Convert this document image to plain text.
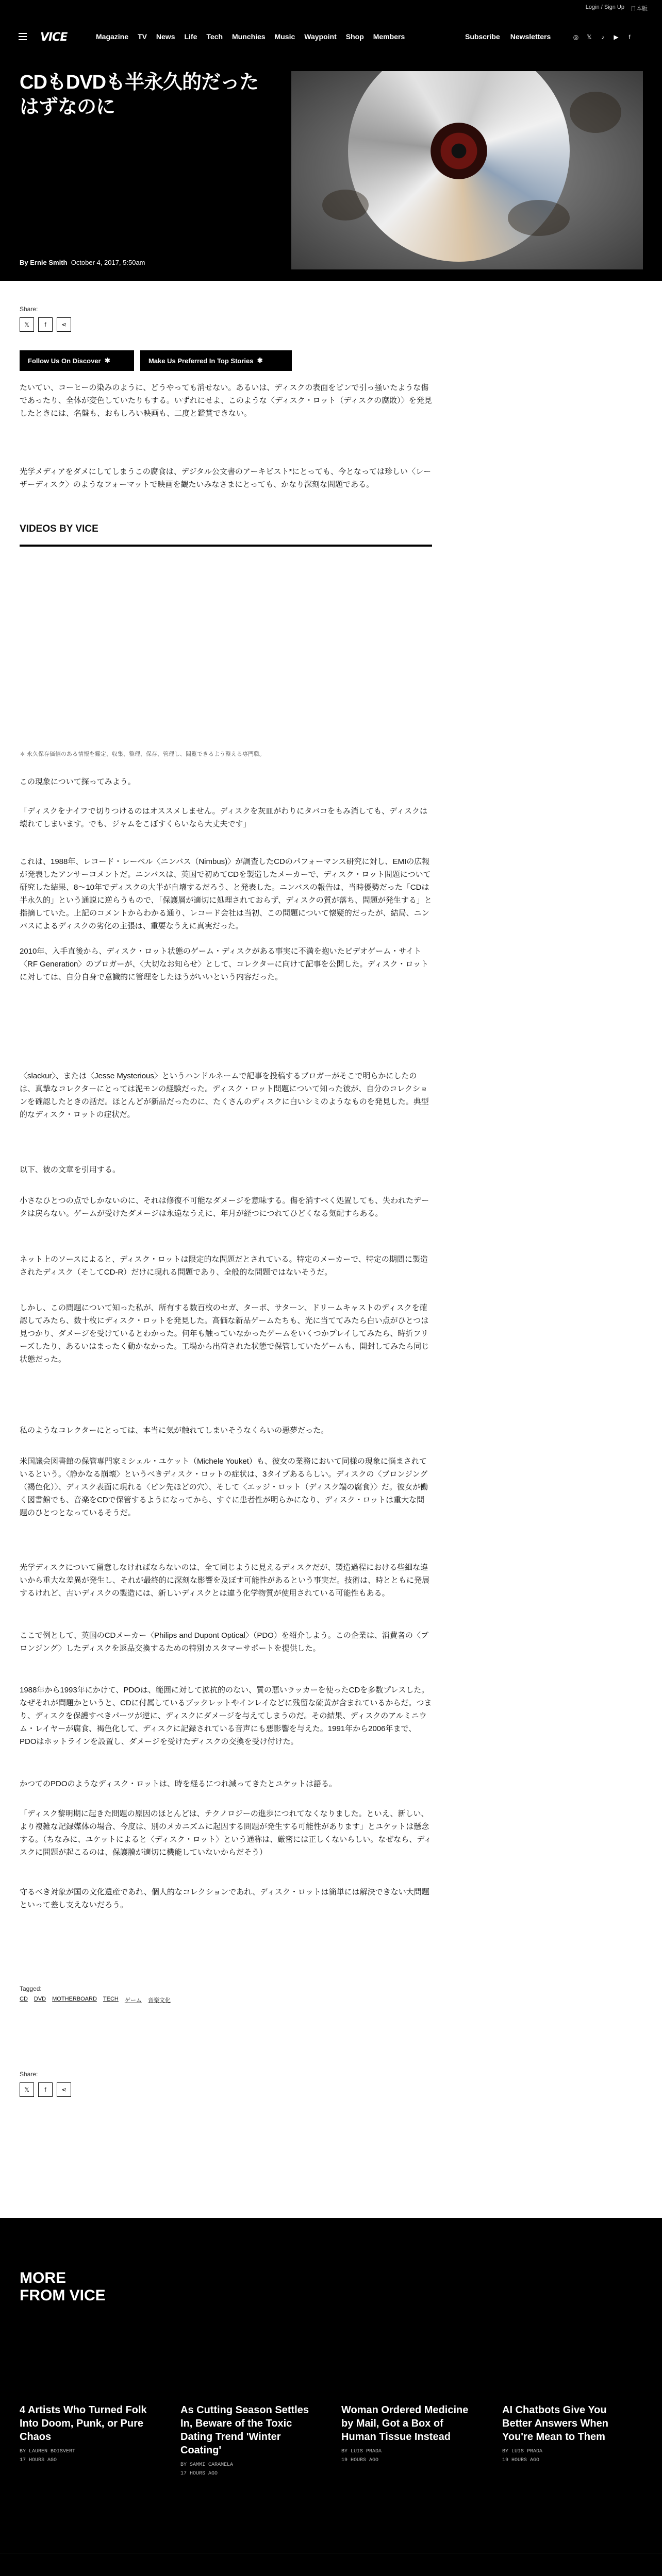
Login / Sign Up 日本版
VICE	Magazine TV News Life Tech Munchies Music Waypoint Shop Members	Subscribe Newsletters	◎ 𝕏	♪	▶	f
CDもDVDも半永久的だったはずなのに
By Ernie Smith October 4, 2017, 5:50am
Share:
𝕏	f	⋖
Follow Us On Discover
✱	Make Us Preferred In Top Stories
✱
たいてい、コーヒーの染みのように、どうやっても消せない。あるいは、ディスクの表面をピンで引っ掻いたような傷であったり、全体が変色していたりもする。いずれにせよ、このような〈ディスク・ロット（ディスクの腐敗）〉を発見したときには、名盤も、おもしろい映画も、二度と鑑賞できない。
光学メディアをダメにしてしまうこの腐食は、デジタル公文書のアーキビスト*にとっても、今となっては珍しい〈レーザーディスク〉のようなフォーマットで映画を観たいみなさまにとっても、かなり深刻な問題である。
VIDEOS BY VICE
＊ 永久保存価値のある情報を鑑定、収集、整理、保存、管理し、閲覧できるよう整える専門職。
この現象について探ってみよう。
「ディスクをナイフで切りつけるのはオススメしません。ディスクを灰皿がわりにタバコをもみ消しても、ディスクは壊れてしまいます。でも、ジャムをこぼすくらいなら大丈夫です」
これは、1988年、レコード・レーベル〈ニンバス（Nimbus)〉が調査したCDのパフォーマンス研究に対し、EMIの広報が発表したアンサーコメントだ。ニンバスは、英国で初めてCDを製造したメーカーで、ディスク・ロット問題について研究した結果、8〜10年でディスクの大半が自壊するだろう、と発表した。ニンバスの報告は、当時優勢だった「CDは半永久的」という通説に逆らうもので、「保護層が適切に処理されておらず、ディスクの質が落ち、問題が発生する」と指摘していた。上記のコメントからわかる通り、レコード会社は当初、この問題について懐疑的だったが、結局、ニンバスによるディスクの劣化の主張は、重要なうえに真実だった。
2010年、入手直後から、ディスク・ロット状態のゲーム・ディスクがある事実に不満を抱いたビデオゲーム・サイト〈RF Generation〉のブロガーが、〈大切なお知らせ〉として、コレクターに向けて記事を公開した。ディスク・ロットに対しては、自分自身で意識的に管理をしたほうがいいという内容だった。
〈slackur〉、または〈Jesse Mysterious〉というハンドルネームで記事を投稿するブロガーがそこで明らかにしたのは、真摯なコレクターにとっては泥モンの経験だった。ディスク・ロット問題について知った彼が、自分のコレクションを確認したときの話だ。ほとんどが新品だったのに、たくさんのディスクに白いシミのようなものを発見した。典型的なディスク・ロットの症状だ。
以下、彼の文章を引用する。
小さなひとつの点でしかないのに、それは修復不可能なダメージを意味する。傷を消すべく処置しても、失われたデータは戻らない。ゲームが受けたダメージは永遠なうえに、年月が経つにつれてひどくなる気配すらある。
ネット上のソースによると、ディスク・ロットは限定的な問題だとされている。特定のメーカーで、特定の期間に製造されたディスク（そしてCD-R）だけに現れる問題であり、全般的な問題ではないそうだ。
しかし、この問題について知った私が、所有する数百枚のセガ、ターボ、サターン、ドリームキャストのディスクを確認してみたら、数十枚にディスク・ロットを発見した。高価な新品ゲームたちも、光に当ててみたら白い点がひとつは見つかり、ダメージを受けているとわかった。何年も触っていなかったゲームをいくつかプレイしてみたら、時折フリーズしたり、あるいはまったく動かなかった。工場から出荷された状態で保管していたゲームも、開封してみたら同じ状態だった。
私のようなコレクターにとっては、本当に気が触れてしまいそうなくらいの悪夢だった。
米国議会図書館の保管専門家ミシェル・ユケット（Michele Youket）も、彼女の業務において同様の現象に悩まされているという。〈静かなる崩壊〉というべきディスク・ロットの症状は、3タイプあるらしい。ディスクの〈ブロンジング（褐色化）〉、ディスク表面に現れる〈ピン先ほどの穴〉、そして〈エッジ・ロット（ディスク端の腐食）〉だ。彼女が働く図書館でも、音楽をCDで保管するようになってから、すぐに患者性が明らかになり、ディスク・ロットは重大な問題のひとつとなっているそうだ。
光学ディスクについて留意しなければならないのは、全て同じように見えるディスクだが、製造過程における些細な違いから重大な差異が発生し、それが最終的に深刻な影響を及ぼす可能性があるという事実だ。技術は、時とともに発展するけれど、古いディスクの製造には、新しいディスクとは違う化学物質が使用されている可能性もある。
ここで例として、英国のCDメーカー〈Philips and Dupont Optical〉（PDO）を紹介しよう。この企業は、消費者の〈ブロンジング〉したディスクを返品交換するための特別カスタマーサポートを提供した。
1988年から1993年にかけて、PDOは、範囲に対して拡抗的のない、質の悪いラッカーを使ったCDを多数プレスした。なぜそれが問題かというと、CDに付属しているブックレットやインレイなどに残留な硫黄が含まれているからだ。つまり、ディスクを保護すべきパーツが逆に、ディスクにダメージを与えてしまうのだ。その結果、ディスクのアルミニウム・レイヤーが腐食、褐色化して、ディスクに記録されている音声にも悪影響を与えた。1991年から2006年まで、PDOはホットラインを設置し、ダメージを受けたディスクの交換を受け付けた。
かつてのPDOのようなディスク・ロットは、時を経るにつれ減ってきたとユケットは語る。
「ディスク黎明期に起きた問題の原因のほとんどは、テクノロジーの進歩につれてなくなりました。といえ、新しい、より複雑な記録媒体の場合、今度は、別のメカニズムに起因する問題が発生する可能性があります」とユケットは懸念する。（ちなみに、ユケットによると〈ディスク・ロット〉という通称は、厳密には正しくないらしい。なぜなら、ディスクに問題が起こるのは、保護膜が適切に機能していないからだそう）
守るべき対象が国の文化遺産であれ、個人的なコレクションであれ、ディスク・ロットは簡単には解決できない大問題といって差し支えないだろう。
Tagged:
CD DVD MOTHERBOARD TECH ゲーム 音楽文化
Share:
𝕏	f	⋖
MORE
FROM VICE
4 Artists Who Turned Folk Into Doom, Punk, or Pure Chaos
BY LAUREN BOISVERT
17 HOURS AGO
As Cutting Season Settles In, Beware of the Toxic Dating Trend 'Winter Coating'
BY SAMMI CARAMELA
17 HOURS AGO
Woman Ordered Medicine by Mail, Got a Box of Human Tissue Instead
BY LUIS PRADA
19 HOURS AGO
AI Chatbots Give You Better Answers When You're Mean to Them
BY LUIS PRADA
19 HOURS AGO
